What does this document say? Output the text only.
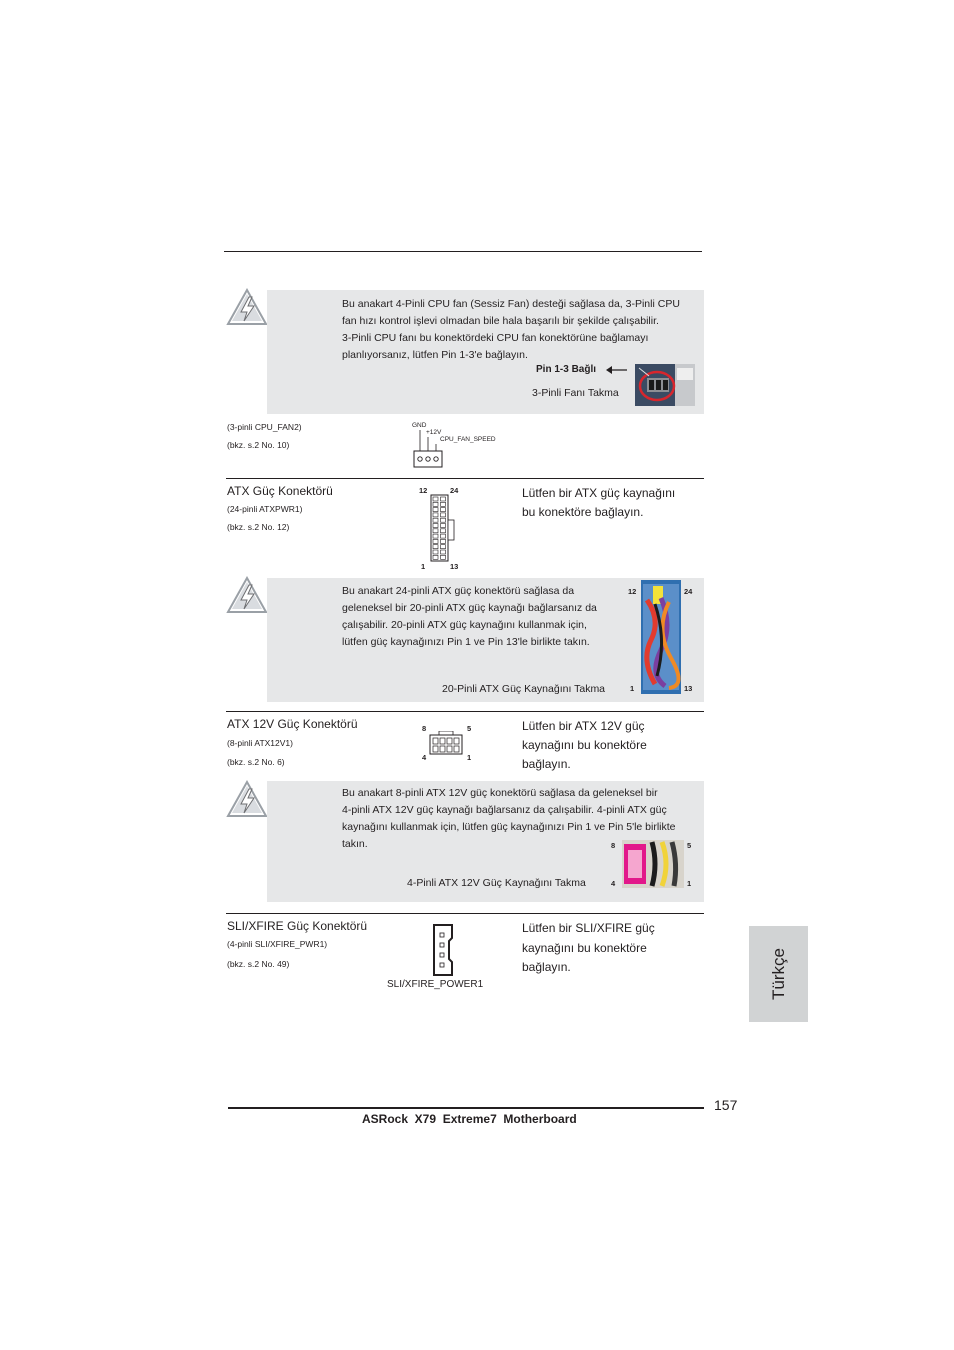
Bu anakart 4-Pinli CPU fan (Sessiz Fan) desteği sağlasa da, 3-Pinli CPU
fan hızı kontrol işlevi olmadan bile hala başarılı bir şekilde çalışabilir.
3-Pinli CPU fanı bu konektördeki CPU fan konektörüne bağlamayı
planlıyorsanız, lütfen Pin 1-3'e bağlayın.
Pin 1-3 Bağlı
3-Pinli Fanı Takma
(3-pinli CPU_FAN2)
(bkz. s.2 No. 10)
GND
+12V
CPU_FAN_SPEED
ATX Güç Konektörü
(24-pinli ATXPWR1)
(bkz. s.2 No. 12)
Lütfen bir ATX güç kaynağını
bu konektöre bağlayın.
12	24
1	13
Bu anakart 24-pinli ATX güç konektörü sağlasa da
geleneksel bir 20-pinli ATX güç kaynağı bağlarsanız da
çalışabilir. 20-pinli ATX güç kaynağını kullanmak için,
lütfen güç kaynağınızı Pin 1 ve Pin 13'le birlikte takın.
20-Pinli ATX Güç Kaynağını Takma
12	24
1	13
ATX 12V Güç Konektörü
(8-pinli ATX12V1)
(bkz. s.2 No. 6)
Lütfen bir ATX 12V güç
kaynağını bu konektöre
bağlayın.
8	5
4	1
Bu anakart 8-pinli ATX 12V güç konektörü sağlasa da geleneksel bir
4-pinli ATX 12V güç kaynağı bağlarsanız da çalışabilir. 4-pinli ATX güç
kaynağını kullanmak için, lütfen güç kaynağınızı Pin 1 ve Pin 5'le birlikte
takın.
4-Pinli ATX 12V Güç Kaynağını Takma
8	5
4	1
SLI/XFIRE Güç Konektörü
(4-pinli SLI/XFIRE_PWR1)
(bkz. s.2 No. 49)
Lütfen bir SLI/XFIRE güç
kaynağını bu konektöre
bağlayın.
SLI/XFIRE_POWER1	Türkçe
157
ASRock  X79  Extreme7  Motherboard
